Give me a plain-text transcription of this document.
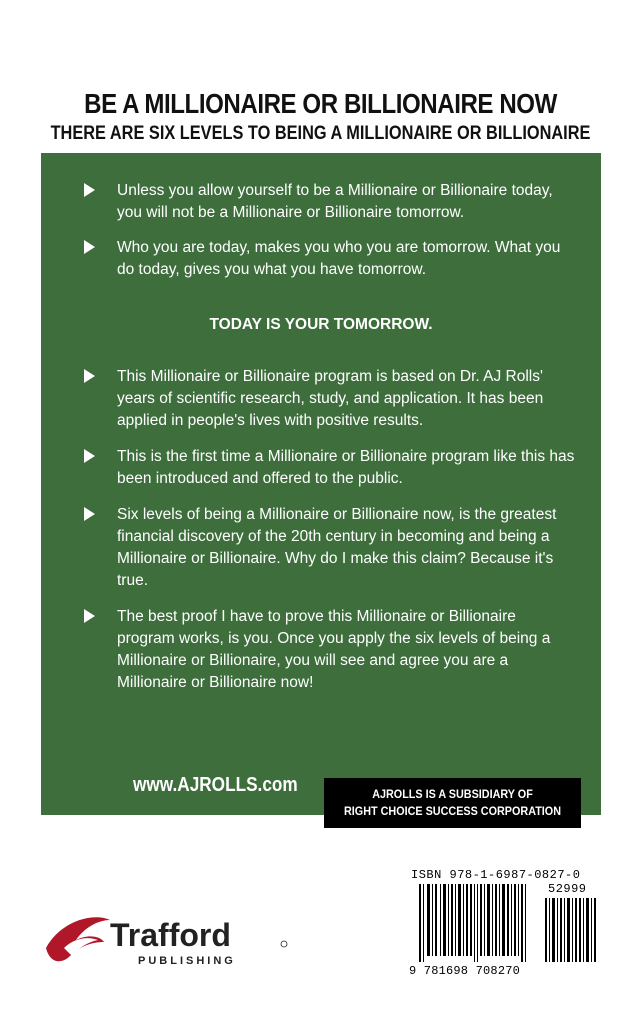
BE A MILLIONAIRE OR BILLIONAIRE NOW
THERE ARE SIX LEVELS TO BEING A MILLIONAIRE OR BILLIONAIRE
Unless you allow yourself to be a Millionaire or Billionaire today, you will not be a Millionaire or Billionaire tomorrow.
Who you are today, makes you who you are tomorrow. What you do today, gives you what you have tomorrow.
TODAY IS YOUR TOMORROW.
This Millionaire or Billionaire program is based on Dr. AJ Rolls' years of scientific research, study, and application. It has been applied in people's lives with positive results.
This is the first time a Millionaire or Billionaire program like this has been introduced and offered to the public.
Six levels of being a Millionaire or Billionaire now, is the greatest financial discovery of the 20th century in becoming and being a Millionaire or Billionaire. Why do I make this claim? Because it's true.
The best proof I have to prove this Millionaire or Billionaire program works, is you. Once you apply the six levels of being a Millionaire or Billionaire, you will see and agree you are a Millionaire or Billionaire now!
www.AJROLLS.com	AJROLLS IS A SUBSIDIARY OF
RIGHT CHOICE SUCCESS CORPORATION
Trafford
PUBLISHING
ISBN 978-1-6987-0827-0
52999
9 781698 708270
